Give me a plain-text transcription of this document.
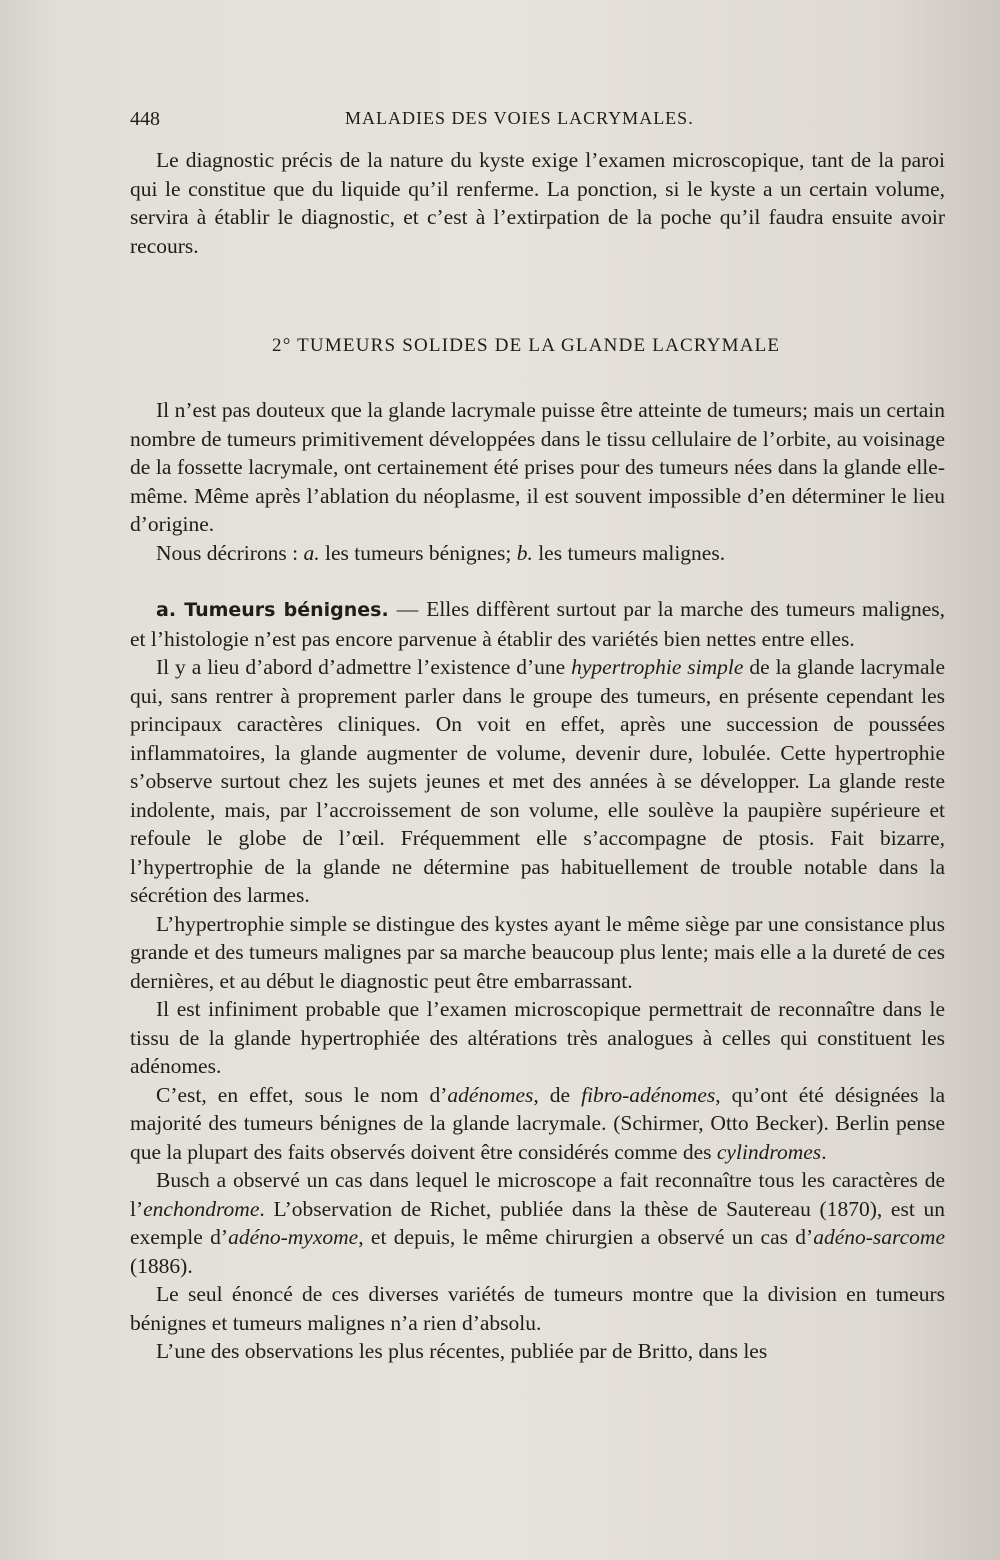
448	MALADIES DES VOIES LACRYMALES.

Le diagnostic précis de la nature du kyste exige l’examen microscopique, tant de la paroi qui le constitue que du liquide qu’il renferme. La ponction, si le kyste a un certain volume, servira à établir le diagnostic, et c’est à l’extirpation de la poche qu’il faudra ensuite avoir recours.

2° TUMEURS SOLIDES DE LA GLANDE LACRYMALE

Il n’est pas douteux que la glande lacrymale puisse être atteinte de tumeurs; mais un certain nombre de tumeurs primitivement développées dans le tissu cellulaire de l’orbite, au voisinage de la fossette lacrymale, ont certainement été prises pour des tumeurs nées dans la glande elle-même. Même après l’ablation du néoplasme, il est souvent impossible d’en déterminer le lieu d’origine.

Nous décrirons : a. les tumeurs bénignes; b. les tumeurs malignes.

a. Tumeurs bénignes. — Elles diffèrent surtout par la marche des tumeurs malignes, et l’histologie n’est pas encore parvenue à établir des variétés bien nettes entre elles.

Il y a lieu d’abord d’admettre l’existence d’une hypertrophie simple de la glande lacrymale qui, sans rentrer à proprement parler dans le groupe des tumeurs, en présente cependant les principaux caractères cliniques. On voit en effet, après une succession de poussées inflammatoires, la glande augmenter de volume, devenir dure, lobulée. Cette hypertrophie s’observe surtout chez les sujets jeunes et met des années à se développer. La glande reste indolente, mais, par l’accroissement de son volume, elle soulève la paupière supérieure et refoule le globe de l’œil. Fréquemment elle s’accompagne de ptosis. Fait bizarre, l’hypertrophie de la glande ne détermine pas habituellement de trouble notable dans la sécrétion des larmes.

L’hypertrophie simple se distingue des kystes ayant le même siège par une consistance plus grande et des tumeurs malignes par sa marche beaucoup plus lente; mais elle a la dureté de ces dernières, et au début le diagnostic peut être embarrassant.

Il est infiniment probable que l’examen microscopique permettrait de reconnaître dans le tissu de la glande hypertrophiée des altérations très analogues à celles qui constituent les adénomes.

C’est, en effet, sous le nom d’adénomes, de fibro-adénomes, qu’ont été désignées la majorité des tumeurs bénignes de la glande lacrymale. (Schirmer, Otto Becker). Berlin pense que la plupart des faits observés doivent être considérés comme des cylindromes.

Busch a observé un cas dans lequel le microscope a fait reconnaître tous les caractères de l’enchondrome. L’observation de Richet, publiée dans la thèse de Sautereau (1870), est un exemple d’adéno-myxome, et depuis, le même chirurgien a observé un cas d’adéno-sarcome (1886).

Le seul énoncé de ces diverses variétés de tumeurs montre que la division en tumeurs bénignes et tumeurs malignes n’a rien d’absolu.

L’une des observations les plus récentes, publiée par de Britto, dans les
